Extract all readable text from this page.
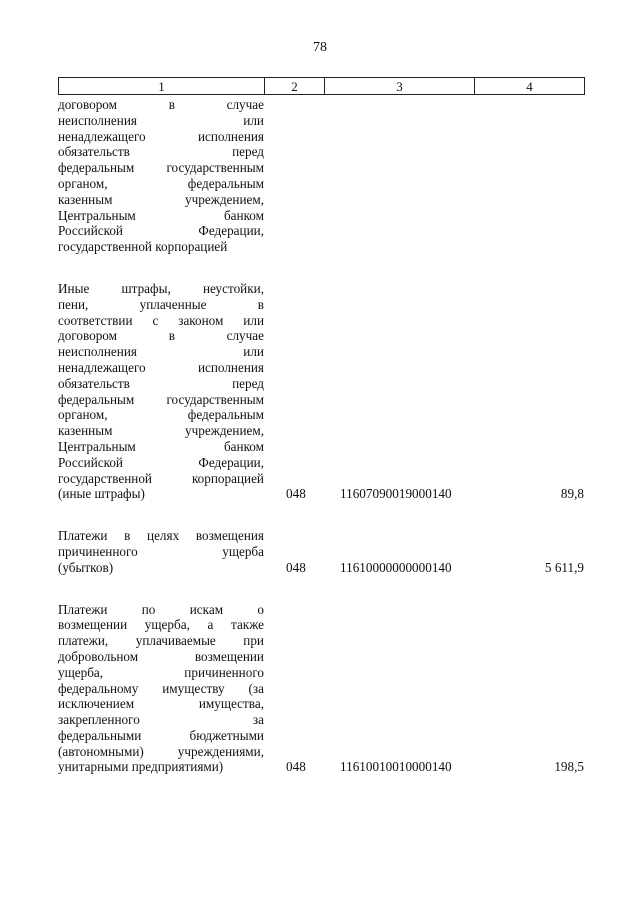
78
1	2	3	4
договором в случае
неисполнения или
ненадлежащего исполнения
обязательств перед
федеральным государственным
органом, федеральным
казенным учреждением,
Центральным банком
Российской Федерации,
государственной корпорацией
Иные штрафы, неустойки,
пени, уплаченные в
соответствии с законом или
договором в случае
неисполнения или
ненадлежащего исполнения
обязательств перед
федеральным государственным
органом, федеральным
казенным учреждением,
Центральным банком
Российской Федерации,
государственной корпорацией
(иные штрафы)	048	11607090019000140	89,8
Платежи в целях возмещения
причиненного ущерба
(убытков)	048	11610000000000140	5 611,9
Платежи по искам о
возмещении ущерба, а также
платежи, уплачиваемые при
добровольном возмещении
ущерба, причиненного
федеральному имуществу (за
исключением имущества,
закрепленного за
федеральными бюджетными
(автономными) учреждениями,
унитарными предприятиями)	048	11610010010000140	198,5
